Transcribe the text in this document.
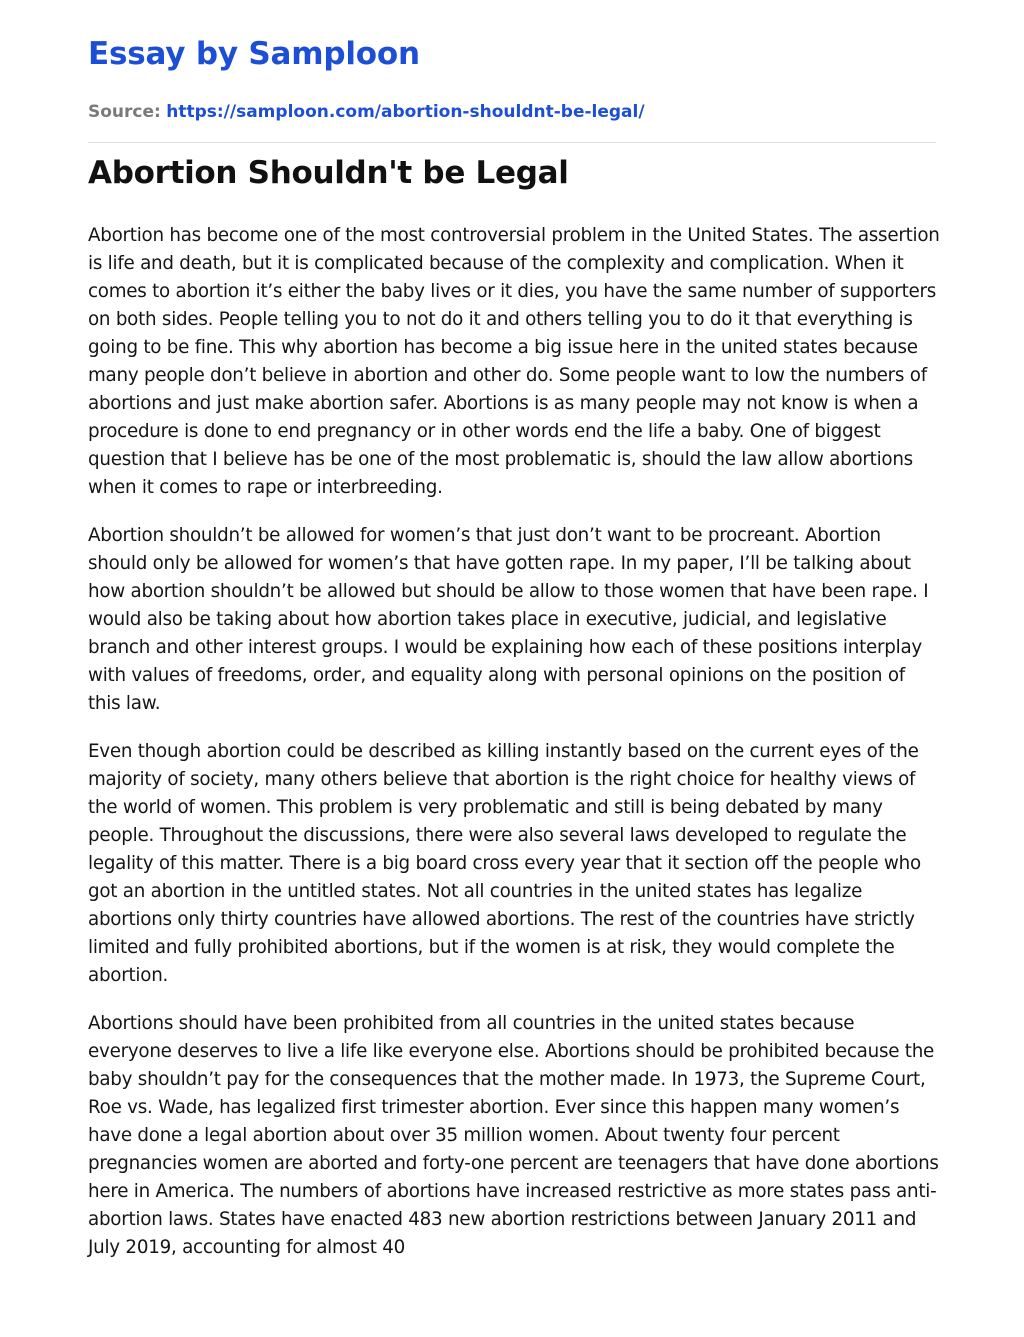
Essay by Samploon
Source: https://samploon.com/abortion-shouldnt-be-legal/
Abortion Shouldn't be Legal

Abortion has become one of the most controversial problem in the United States. The assertion is life and death, but it is complicated because of the complexity and complication. When it comes to abortion it’s either the baby lives or it dies, you have the same number of supporters on both sides. People telling you to not do it and others telling you to do it that everything is going to be fine. This why abortion has become a big issue here in the united states because many people don’t believe in abortion and other do. Some people want to low the numbers of abortions and just make abortion safer. Abortions is as many people may not know is when a procedure is done to end pregnancy or in other words end the life a baby. One of biggest question that I believe has be one of the most problematic is, should the law allow abortions when it comes to rape or interbreeding.

Abortion shouldn’t be allowed for women’s that just don’t want to be procreant. Abortion should only be allowed for women’s that have gotten rape. In my paper, I’ll be talking about how abortion shouldn’t be allowed but should be allow to those women that have been rape. I would also be taking about how abortion takes place in executive, judicial, and legislative branch and other interest groups. I would be explaining how each of these positions interplay with values of freedoms, order, and equality along with personal opinions on the position of this law.

Even though abortion could be described as killing instantly based on the current eyes of the majority of society, many others believe that abortion is the right choice for healthy views of the world of women. This problem is very problematic and still is being debated by many people. Throughout the discussions, there were also several laws developed to regulate the legality of this matter. There is a big board cross every year that it section off the people who got an abortion in the untitled states. Not all countries in the united states has legalize abortions only thirty countries have allowed abortions. The rest of the countries have strictly limited and fully prohibited abortions, but if the women is at risk, they would complete the abortion.

Abortions should have been prohibited from all countries in the united states because everyone deserves to live a life like everyone else. Abortions should be prohibited because the baby shouldn’t pay for the consequences that the mother made. In 1973, the Supreme Court, Roe vs. Wade, has legalized first trimester abortion. Ever since this happen many women’s have done a legal abortion about over 35 million women. About twenty four percent pregnancies women are aborted and forty-one percent are teenagers that have done abortions here in America. The numbers of abortions have increased restrictive as more states pass anti-abortion laws. States have enacted 483 new abortion restrictions between January 2011 and July 2019, accounting for almost 40
